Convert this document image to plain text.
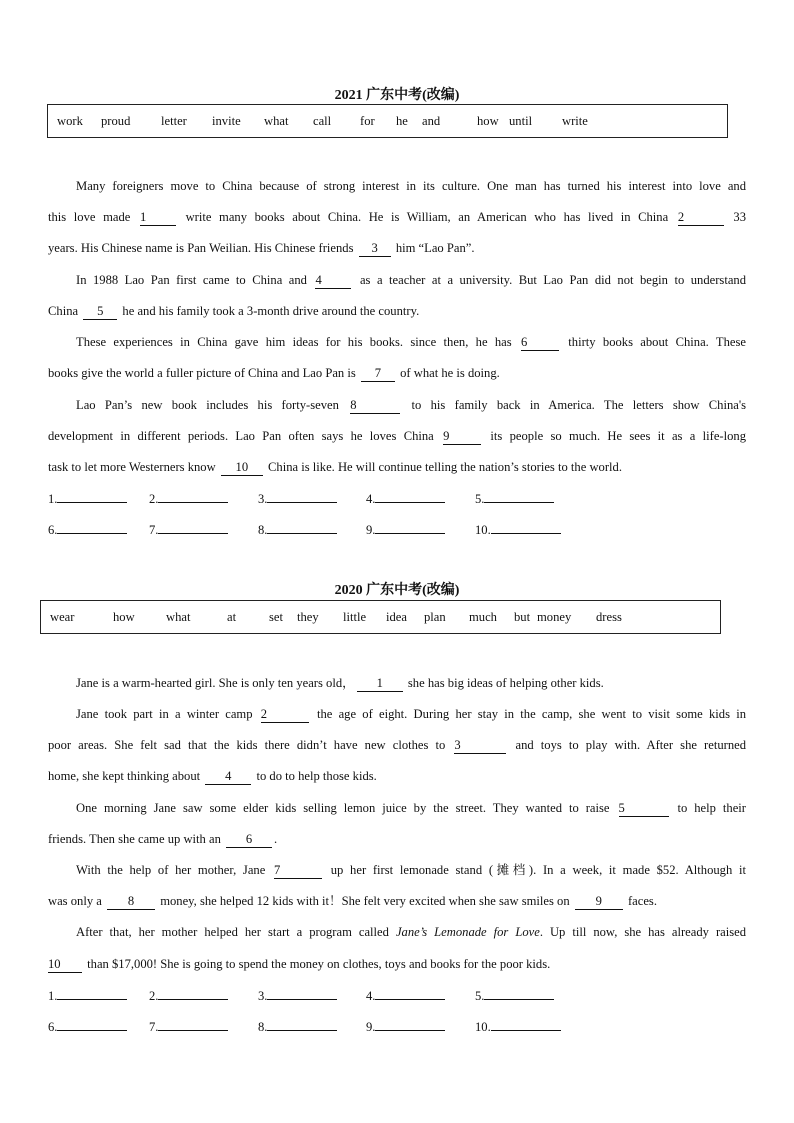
2021 广东中考(改编)
work	proud	letter	invite	what	call	for	he	and	how until	write
Many foreigners move to China because of strong interest in its culture. One man has turned his interest into love and
this love made 1	write many books about China. He is William, an American who has lived in China 2	33
years. His Chinese name is Pan Weilian. His Chinese friends 3 him “Lao Pan”.
In 1988 Lao Pan first came to China and 4	as a teacher at a university. But Lao Pan did not begin to understand
China 5 he and his family took a 3-month drive around the country.
These experiences in China gave him ideas for his books. since then, he has 6	thirty books about China. These
books give the world a fuller picture of China and Lao Pan is 7 of what he is doing.
Lao Pan’s new book includes his forty-seven 8	to his family back in America. The letters show China's
development in different periods. Lao Pan often says he loves China 9	its people so much. He sees it as a life-long
task to let more Westerners know 10 China is like. He will continue telling the nation’s stories to the world.
1.	2.	3.	4.	5.
6.	7.	8.	9.	10.
2020 广东中考(改编)
wear	how	what	at	set	they	little	idea	plan	much	but money	dress
Jane is a warm-hearted girl. She is only ten years old， 1 she has big ideas of helping other kids.
Jane took part in a winter camp 2	the age of eight. During her stay in the camp, she went to visit some kids in
poor areas. She felt sad that the kids there didn’t have new clothes to 3	and toys to play with. After she returned
home, she kept thinking about 4 to do to help those kids.
One morning Jane saw some elder kids selling lemon juice by the street. They wanted to raise 5	to help their
friends. Then she came up with an 6 .
With the help of her mother, Jane 7	up her first lemonade stand (摊档). In a week, it made $52. Although it
was only a 8 money, she helped 12 kids with it！She felt very excited when she saw smiles on 9 faces.
After that, her mother helped her start a program called Jane’s Lemonade for Love. Up till now, she has already raised
10 than $17,000! She is going to spend the money on clothes, toys and books for the poor kids.
1.	2.	3.	4.	5.
6.	7.	8.	9.	10.
